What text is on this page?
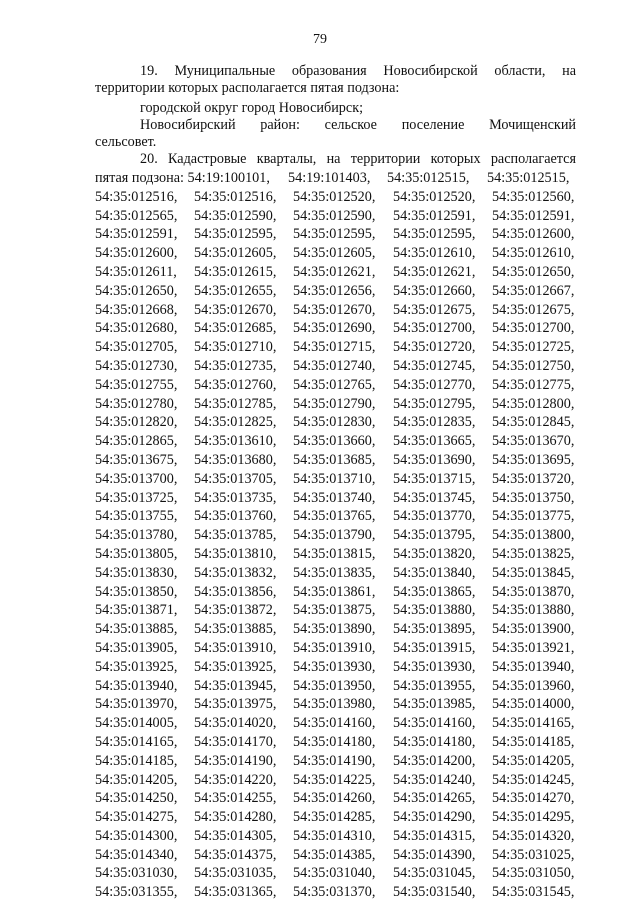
79
19. Муниципальные образования Новосибирской области, на
территории которых располагается пятая подзона:
городской округ город Новосибирск;
Новосибирский район: сельское поселение Мочищенский
сельсовет.
20. Кадастровые кварталы, на территории которых располагается
пятая подзона: 54:19:100101,	54:19:101403,	54:35:012515,	54:35:012515,
54:35:012516,	54:35:012516,	54:35:012520,	54:35:012520,	54:35:012560,
54:35:012565,	54:35:012590,	54:35:012590,	54:35:012591,	54:35:012591,
54:35:012591,	54:35:012595,	54:35:012595,	54:35:012595,	54:35:012600,
54:35:012600,	54:35:012605,	54:35:012605,	54:35:012610,	54:35:012610,
54:35:012611,	54:35:012615,	54:35:012621,	54:35:012621,	54:35:012650,
54:35:012650,	54:35:012655,	54:35:012656,	54:35:012660,	54:35:012667,
54:35:012668,	54:35:012670,	54:35:012670,	54:35:012675,	54:35:012675,
54:35:012680,	54:35:012685,	54:35:012690,	54:35:012700,	54:35:012700,
54:35:012705,	54:35:012710,	54:35:012715,	54:35:012720,	54:35:012725,
54:35:012730,	54:35:012735,	54:35:012740,	54:35:012745,	54:35:012750,
54:35:012755,	54:35:012760,	54:35:012765,	54:35:012770,	54:35:012775,
54:35:012780,	54:35:012785,	54:35:012790,	54:35:012795,	54:35:012800,
54:35:012820,	54:35:012825,	54:35:012830,	54:35:012835,	54:35:012845,
54:35:012865,	54:35:013610,	54:35:013660,	54:35:013665,	54:35:013670,
54:35:013675,	54:35:013680,	54:35:013685,	54:35:013690,	54:35:013695,
54:35:013700,	54:35:013705,	54:35:013710,	54:35:013715,	54:35:013720,
54:35:013725,	54:35:013735,	54:35:013740,	54:35:013745,	54:35:013750,
54:35:013755,	54:35:013760,	54:35:013765,	54:35:013770,	54:35:013775,
54:35:013780,	54:35:013785,	54:35:013790,	54:35:013795,	54:35:013800,
54:35:013805,	54:35:013810,	54:35:013815,	54:35:013820,	54:35:013825,
54:35:013830,	54:35:013832,	54:35:013835,	54:35:013840,	54:35:013845,
54:35:013850,	54:35:013856,	54:35:013861,	54:35:013865,	54:35:013870,
54:35:013871,	54:35:013872,	54:35:013875,	54:35:013880,	54:35:013880,
54:35:013885,	54:35:013885,	54:35:013890,	54:35:013895,	54:35:013900,
54:35:013905,	54:35:013910,	54:35:013910,	54:35:013915,	54:35:013921,
54:35:013925,	54:35:013925,	54:35:013930,	54:35:013930,	54:35:013940,
54:35:013940,	54:35:013945,	54:35:013950,	54:35:013955,	54:35:013960,
54:35:013970,	54:35:013975,	54:35:013980,	54:35:013985,	54:35:014000,
54:35:014005,	54:35:014020,	54:35:014160,	54:35:014160,	54:35:014165,
54:35:014165,	54:35:014170,	54:35:014180,	54:35:014180,	54:35:014185,
54:35:014185,	54:35:014190,	54:35:014190,	54:35:014200,	54:35:014205,
54:35:014205,	54:35:014220,	54:35:014225,	54:35:014240,	54:35:014245,
54:35:014250,	54:35:014255,	54:35:014260,	54:35:014265,	54:35:014270,
54:35:014275,	54:35:014280,	54:35:014285,	54:35:014290,	54:35:014295,
54:35:014300,	54:35:014305,	54:35:014310,	54:35:014315,	54:35:014320,
54:35:014340,	54:35:014375,	54:35:014385,	54:35:014390,	54:35:031025,
54:35:031030,	54:35:031035,	54:35:031040,	54:35:031045,	54:35:031050,
54:35:031355,	54:35:031365,	54:35:031370,	54:35:031540,	54:35:031545,
